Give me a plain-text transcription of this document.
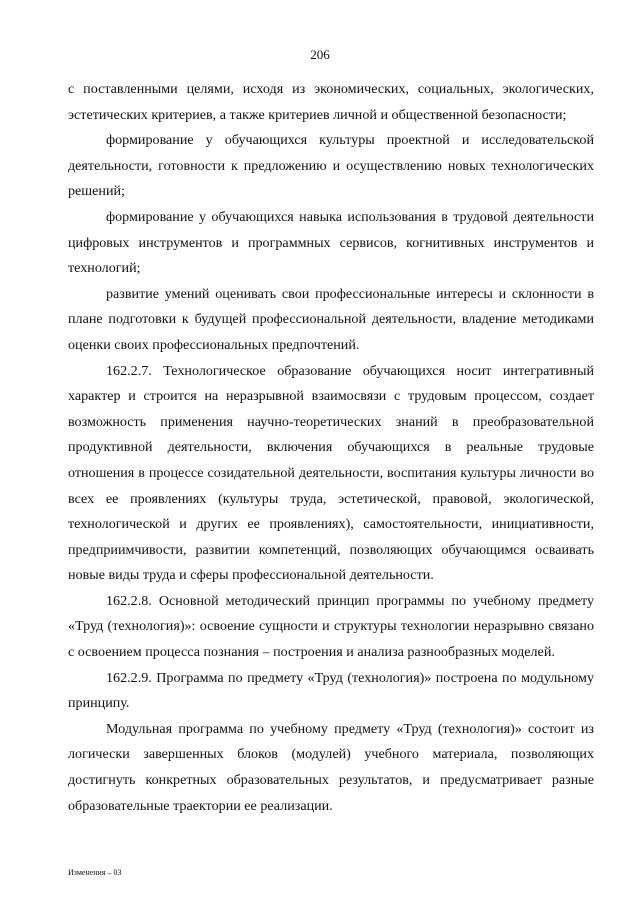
206

с поставленными целями, исходя из экономических, социальных, экологических, эстетических критериев, а также критериев личной и общественной безопасности;

формирование у обучающихся культуры проектной и исследовательской деятельности, готовности к предложению и осуществлению новых технологических решений;

формирование у обучающихся навыка использования в трудовой деятельности цифровых инструментов и программных сервисов, когнитивных инструментов и технологий;

развитие умений оценивать свои профессиональные интересы и склонности в плане подготовки к будущей профессиональной деятельности, владение методиками оценки своих профессиональных предпочтений.

162.2.7. Технологическое образование обучающихся носит интегративный характер и строится на неразрывной взаимосвязи с трудовым процессом, создает возможность применения научно-теоретических знаний в преобразовательной продуктивной деятельности, включения обучающихся в реальные трудовые отношения в процессе созидательной деятельности, воспитания культуры личности во всех ее проявлениях (культуры труда, эстетической, правовой, экологической, технологической и других ее проявлениях), самостоятельности, инициативности, предприимчивости, развитии компетенций, позволяющих обучающимся осваивать новые виды труда и сферы профессиональной деятельности.

162.2.8. Основной методический принцип программы по учебному предмету «Труд (технология)»: освоение сущности и структуры технологии неразрывно связано с освоением процесса познания – построения и анализа разнообразных моделей.

162.2.9. Программа по предмету «Труд (технология)» построена по модульному принципу.

Модульная программа по учебному предмету «Труд (технология)» состоит из логически завершенных блоков (модулей) учебного материала, позволяющих достигнуть конкретных образовательных результатов, и предусматривает разные образовательные траектории ее реализации.

Изменения – 03
